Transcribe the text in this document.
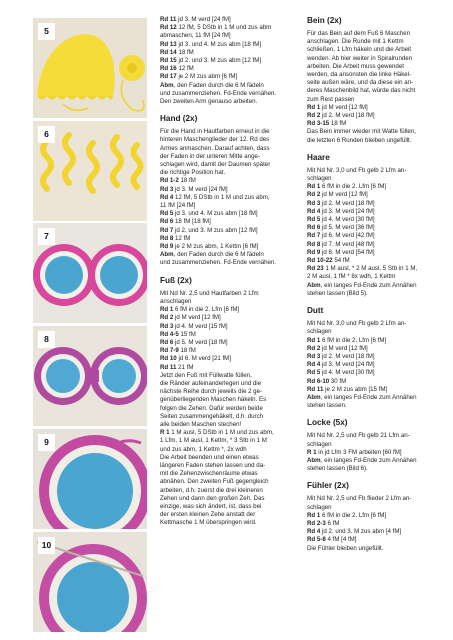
5
6
7
8
9
10
Rd 11 jd 3. M verd [24 fM]
Rd 12 12 fM, 5 DStb in 1 M und zus abm
abmaschen, 11 fM [24 fM]
Rd 13 jd 3. und 4. M zus abm [18 fM]
Rd 14 18 fM
Rd 15 jd 2. und 3. M zus abm [12 fM]
Rd 16 12 fM
Rd 17 je 2 M zus abm [6 fM]
Abm, den Faden durch die 6 M fädeln
und zusammenziehen. Fd-Ende vernähen.
Den zweiten Arm genauso arbeiten.
Hand (2x)
Für die Hand in Hautfarben erneut in die
hinteren Maschenglieder der 12. Rd des
Armes anmaschen. Darauf achten, dass
der Faden in der unteren Mitte ange-
schlagen wird, damit der Daumen später
die richtige Position hat.
Rd 1-2 18 fM
Rd 3 jd 3. M verd [24 fM]
Rd 4 12 fM, 5 DStb in 1 M und zus abm,
11 fM [24 fM]
Rd 5 jd 3. und 4. M zus abm [18 fM]
Rd 6 18 fM [18 fM]
Rd 7 jd 2. und 3. M zus abm [12 fM]
Rd 8 12 fM
Rd 9 je 2 M zus abm, 1 Kettm [6 fM]
Abm, den Faden durch die 6 M fädeln
und zusammenziehen. Fd-Ende vernähen.
Fuß (2x)
Mit Nd Nr. 2,5 und Hautfarben 2 Lfm
anschlagen
Rd 1 6 fM in die 2. Lfm [6 fM]
Rd 2 jd M verd [12 fM]
Rd 3 jd 4. M verd [15 fM]
Rd 4-5 15 fM
Rd 6 jd 5. M verd [18 fM]
Rd 7-9 18 fM
Rd 10 jd 6. M verd [21 fM]
Rd 11 21 fM
Jetzt den Fuß mit Füllwatte füllen,
die Ränder aufeinanderlegen und die
nächste Reihe durch jeweils die 2 ge-
genüberliegenden Maschen häkeln. Es
folgen die Zehen. Dafür werden beide
Seiten zusammengehäkelt, d.h. durch
alle beiden Maschen stechen!
R 1 1 M ausl, 5 DStb in 1 M und zus abm,
1 Lfm, 1 M ausl, 1 Kettm, * 3 Stb in 1 M
und zus abm, 1 Kettm *, 2x wdh
Die Arbeit beenden und einen etwas
längeren Faden stehen lassen und da-
mit die Zehenzwischenräume etwas
abnähen. Den zweiten Fuß gegengleich
arbeiten, d.h. zuerst die drei kleineren
Zehen und dann den großen Zeh. Das
einzige, was sich ändert, ist, dass bei
der ersten kleinen Zehe anstatt der
Kettmasche 1 M überspringen wird.
Bein (2x)
Für das Bein auf dem Fuß 6 Maschen
anschlagen. Die Runde mit 1 Kettm
schließen, 1 Lfm häkeln und die Arbeit
wenden. Ab hier weiter in Spiralrunden
arbeiten. Die Arbeit muss gewendet
werden, da ansonsten die linke Häkel-
seite außen wäre, und da diese ein an-
deres Maschenbild hat, würde das nicht
zum Rest passen
Rd 1 jd M verd [12 fM]
Rd 2 jd 2. M verd [18 fM]
Rd 3-15 18 fM
Das Bein immer wieder mit Watte füllen,
die letzten 6 Runden bleiben ungefüllt.
Haare
Mit Nd Nr. 3,0 und Fb gelb 2 Lfm an-
schlagen
Rd 1 6 fM in die 2. Lfm [6 fM]
Rd 2 jd M verd [12 fM]
Rd 3 jd 2. M verd [18 fM]
Rd 4 jd 3. M verd [24 fM]
Rd 5 jd 4. M verd [30 fM]
Rd 6 jd 5. M verd [36 fM]
Rd 7 jd 6. M verd [42 fM]
Rd 8 jd 7. M verd [48 fM]
Rd 9 jd 8. M verd [54 fM]
Rd 10-22 54 fM
Rd 23 1 M ausl, * 2 M ausl, 5 Stb in 1 M,
2 M ausl, 1 fM * 8x wdh, 1 Kettm
Abm, ein langes Fd-Ende zum Annähen
stehen lassen (Bild 5).
Dutt
Mit Nd Nr. 3,0 und Fb gelb 2 Lfm an-
schlagen
Rd 1 6 fM in die 2. Lfm [6 fM]
Rd 2 jd M verd [12 fM]
Rd 3 jd 2. M verd [18 fM]
Rd 4 jd 3. M verd [24 fM]
Rd 5 jd 4. M verd [30 fM]
Rd 6-10 30 fM
Rd 11 je 2 M zus abm [15 fM]
Abm, ein langes Fd-Ende zum Annähen
stehen lassen.
Locke (5x)
Mit Nd Nr. 2,5 und Fb gelb 21 Lfm an-
schlagen
R 1 in jd Lfm 3 FM arbeiten [60 fM]
Abm, ein langes Fd-Ende zum Annähen
stehen lassen (Bild 6).
Fühler (2x)
Mit Nd Nr. 2,5 und Fb flieder 2 Lfm an-
schlagen
Rd 1 6 fM in die 2. Lfm [6 fM]
Rd 2-3 6 fM
Rd 4 jd 2. und 3. M zus abm [4 fM]
Rd 5-8 4 fM [4 fM]
Die Fühler bleiben ungefüllt.
